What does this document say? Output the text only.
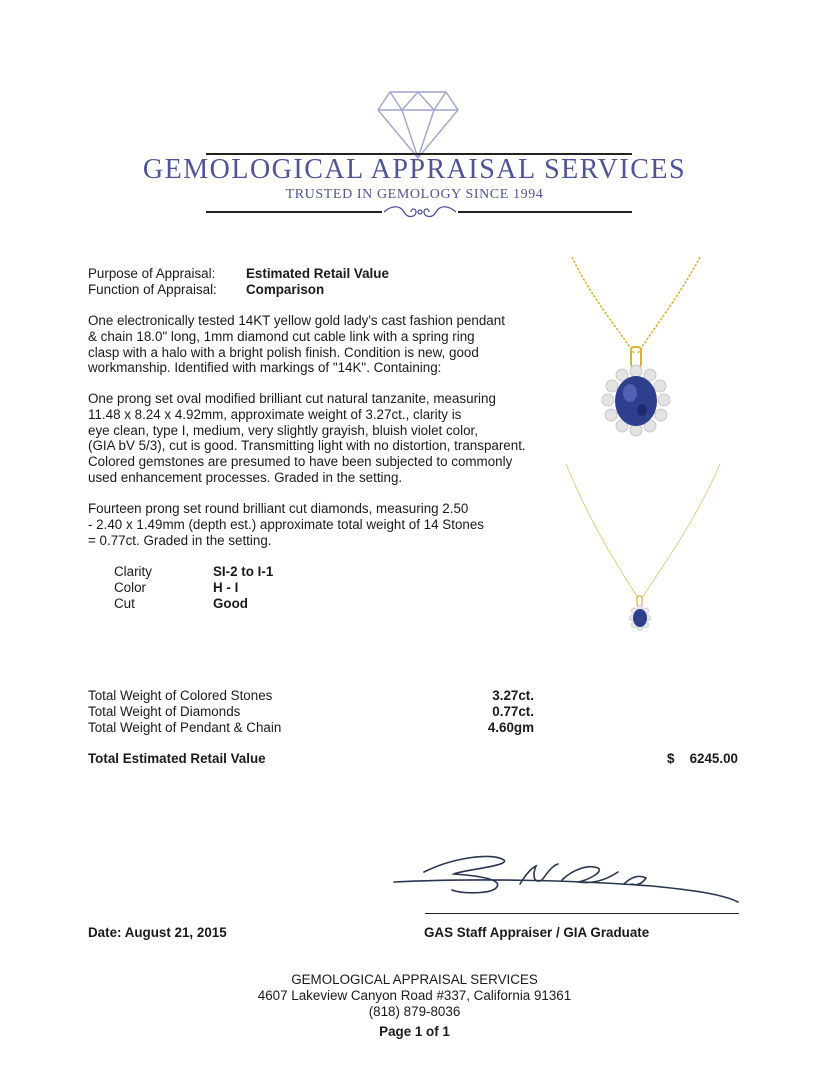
GEMOLOGICAL APPRAISAL SERVICES
TRUSTED IN GEMOLOGY SINCE 1994
Purpose of Appraisal: Estimated Retail Value
Function of Appraisal: Comparison
One electronically tested 14KT yellow gold lady's cast fashion pendant
& chain 18.0" long, 1mm diamond cut cable link with a spring ring
clasp with a halo with a bright polish finish. Condition is new, good
workmanship. Identified with markings of "14K". Containing:
One prong set oval modified brilliant cut natural tanzanite, measuring
11.48 x 8.24 x 4.92mm, approximate weight of 3.27ct., clarity is
eye clean, type I, medium, very slightly grayish, bluish violet color,
(GIA bV 5/3), cut is good. Transmitting light with no distortion, transparent.
Colored gemstones are presumed to have been subjected to commonly
used enhancement processes. Graded in the setting.
Fourteen prong set round brilliant cut diamonds, measuring 2.50
- 2.40 x 1.49mm (depth est.) approximate total weight of 14 Stones
= 0.77ct. Graded in the setting.
Clarity	SI-2 to I-1
Color	H - I
Cut	Good
Total Weight of Colored Stones	3.27ct.
Total Weight of Diamonds	0.77ct.
Total Weight of Pendant & Chain	4.60gm
Total Estimated Retail Value	$	6245.00
Date: August 21, 2015	GAS Staff Appraiser / GIA Graduate
GEMOLOGICAL APPRAISAL SERVICES
4607 Lakeview Canyon Road #337, California 91361
(818) 879-8036
Page 1 of 1
